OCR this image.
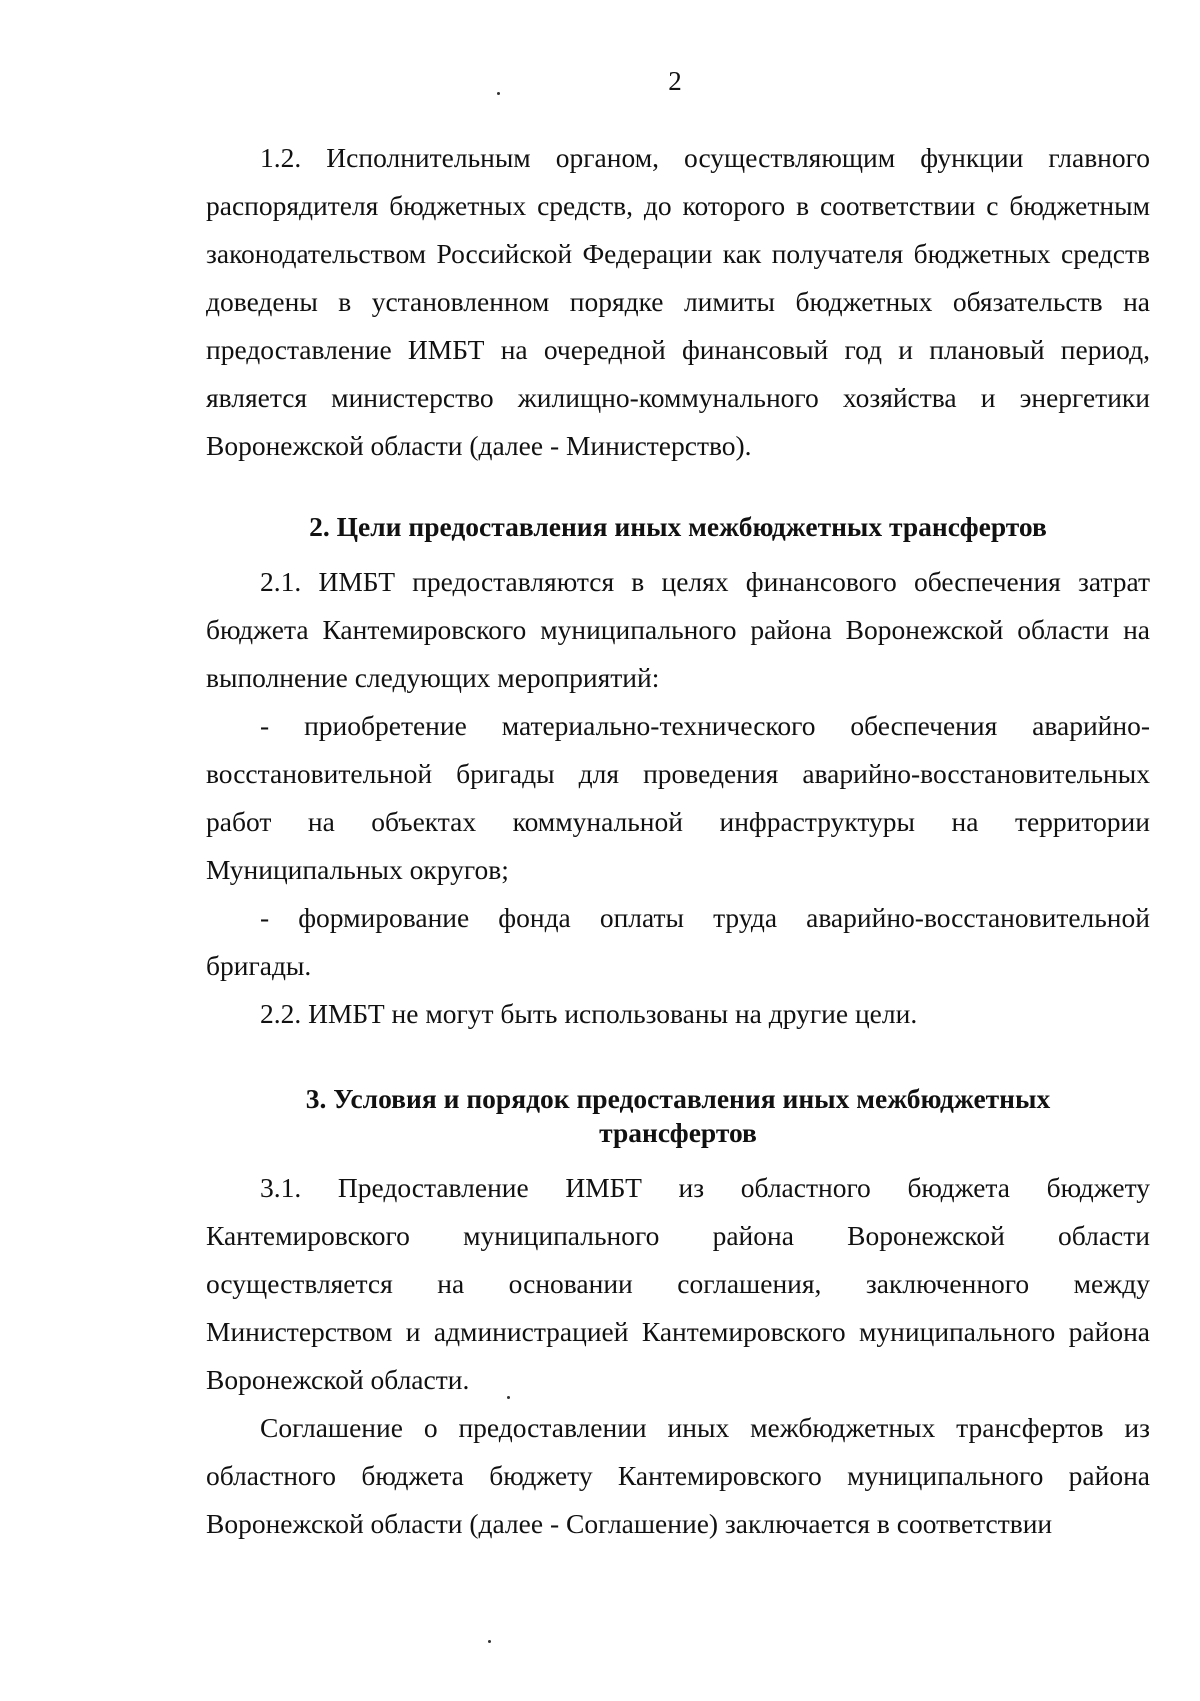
2

1.2. Исполнительным органом, осуществляющим функции главного распорядителя бюджетных средств, до которого в соответствии с бюджетным законодательством Российской Федерации как получателя бюджетных средств доведены в установленном порядке лимиты бюджетных обязательств на предоставление ИМБТ на очередной финансовый год и плановый период, является министерство жилищно-коммунального хозяйства и энергетики Воронежской области (далее - Министерство).

2. Цели предоставления иных межбюджетных трансфертов

2.1. ИМБТ предоставляются в целях финансового обеспечения затрат бюджета Кантемировского муниципального района Воронежской области на выполнение следующих мероприятий:

- приобретение материально-технического обеспечения аварийно-восстановительной бригады для проведения аварийно-восстановительных работ на объектах коммунальной инфраструктуры на территории Муниципальных округов;

- формирование фонда оплаты труда аварийно-восстановительной бригады.

2.2. ИМБТ не могут быть использованы на другие цели.

3. Условия и порядок предоставления иных межбюджетных
трансфертов

3.1. Предоставление ИМБТ из областного бюджета бюджету Кантемировского муниципального района Воронежской области осуществляется на основании соглашения, заключенного между Министерством и администрацией Кантемировского муниципального района Воронежской области.

Соглашение о предоставлении иных межбюджетных трансфертов из областного бюджета бюджету Кантемировского муниципального района Воронежской области (далее - Соглашение) заключается в соответствии
